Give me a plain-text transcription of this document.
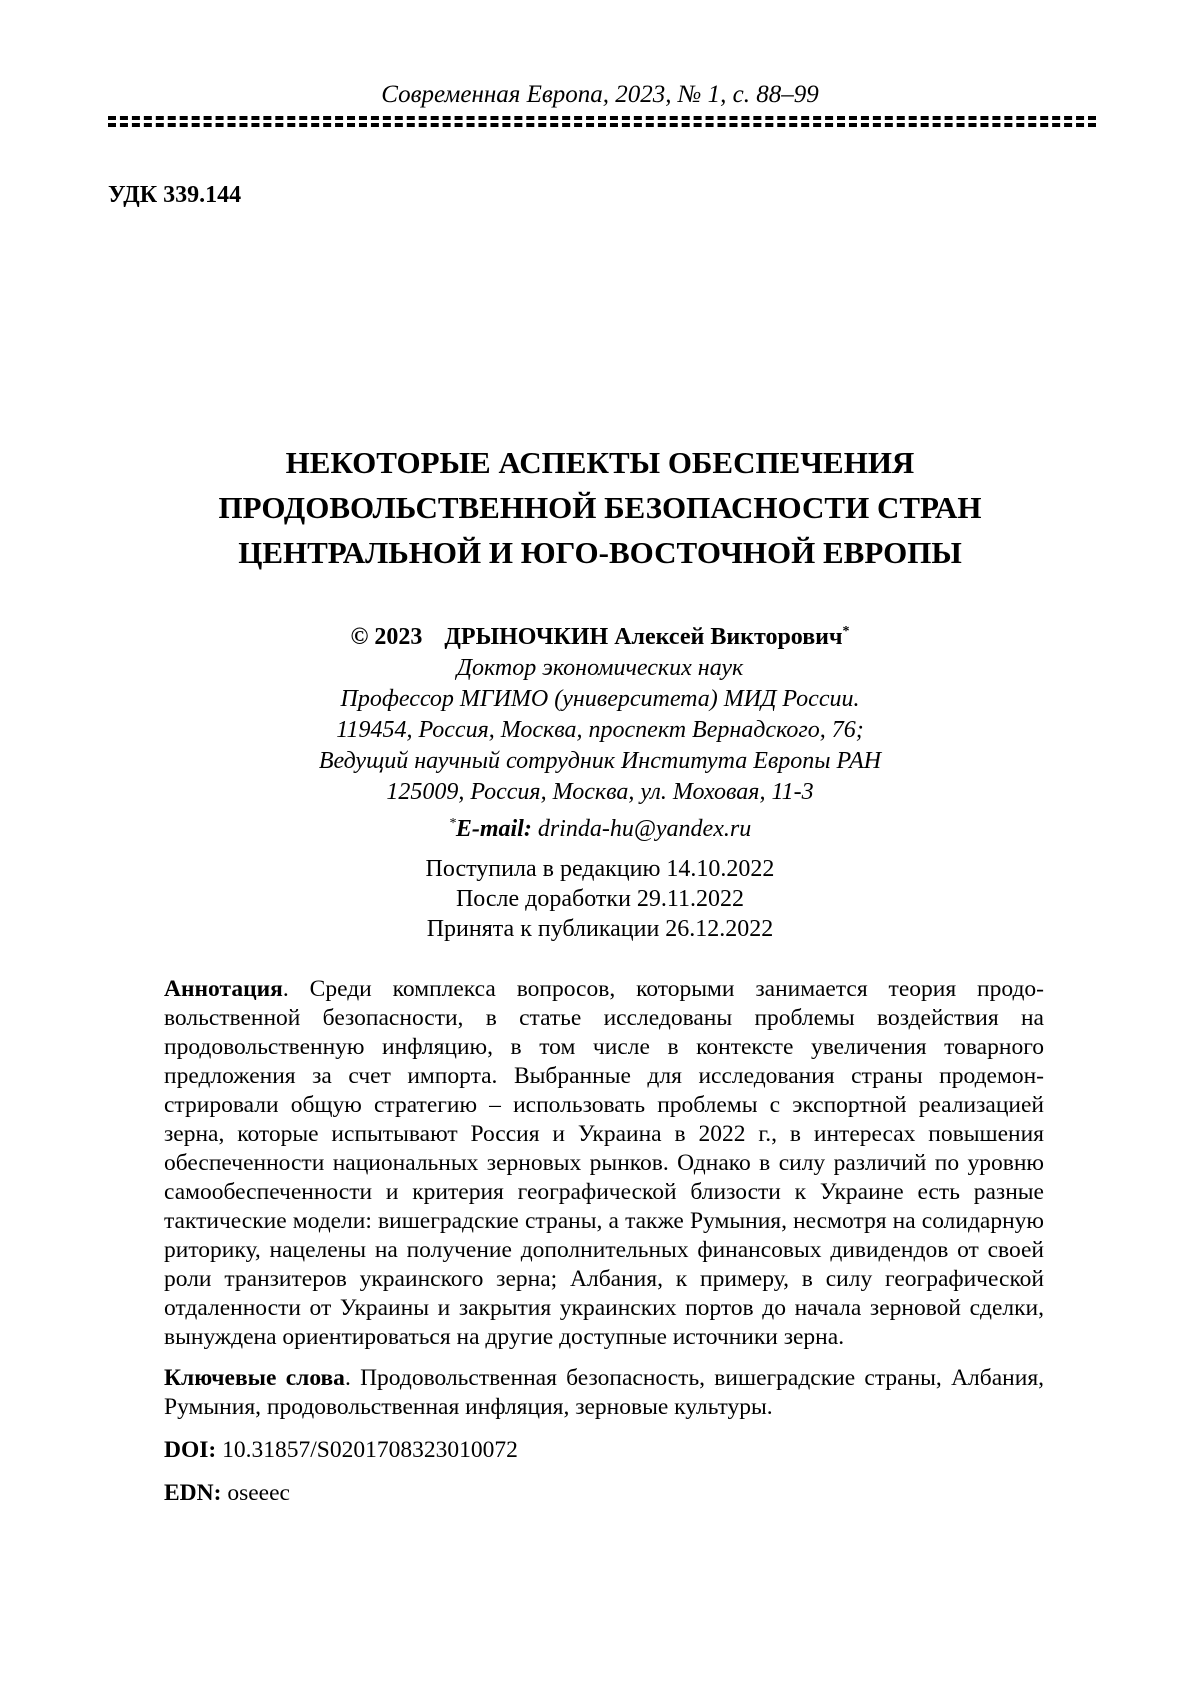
Современная Европа, 2023, № 1, с. 88–99
УДК 339.144
НЕКОТОРЫЕ АСПЕКТЫ ОБЕСПЕЧЕНИЯ
ПРОДОВОЛЬСТВЕННОЙ БЕЗОПАСНОСТИ СТРАН
ЦЕНТРАЛЬНОЙ И ЮГО-ВОСТОЧНОЙ ЕВРОПЫ
© 2023 ДРЫНОЧКИН Алексей Викторович*
Доктор экономических наук
Профессор МГИМО (университета) МИД России.
119454, Россия, Москва, проспект Вернадского, 76;
Ведущий научный сотрудник Института Европы РАН
125009, Россия, Москва, ул. Моховая, 11-3
*E-mail: drinda-hu@yandex.ru
Поступила в редакцию 14.10.2022
После доработки 29.11.2022
Принята к публикации 26.12.2022

Аннотация. Среди комплекса вопросов, которыми занимается теория продовольственной безопасности, в статье исследованы проблемы воздействия на продовольственную инфляцию, в том числе в контексте увеличения товарного предложения за счет импорта. Выбранные для исследования страны продемонстрировали общую стратегию – использовать проблемы с экспортной реализацией зерна, которые испытывают Россия и Украина в 2022 г., в интересах повышения обеспеченности национальных зерновых рынков. Однако в силу различий по уровню самообеспеченности и критерия географической близости к Украине есть разные тактические модели: вишеградские страны, а также Румыния, несмотря на солидарную риторику, нацелены на получение дополнительных финансовых дивидендов от своей роли транзитеров украинского зерна; Албания, к примеру, в силу географической отдаленности от Украины и закрытия украинских портов до начала зерновой сделки, вынуждена ориентироваться на другие доступные источники зерна.

Ключевые слова. Продовольственная безопасность, вишеградские страны, Албания, Румыния, продовольственная инфляция, зерновые культуры.

DOI: 10.31857/S0201708323010072

EDN: oseeec
